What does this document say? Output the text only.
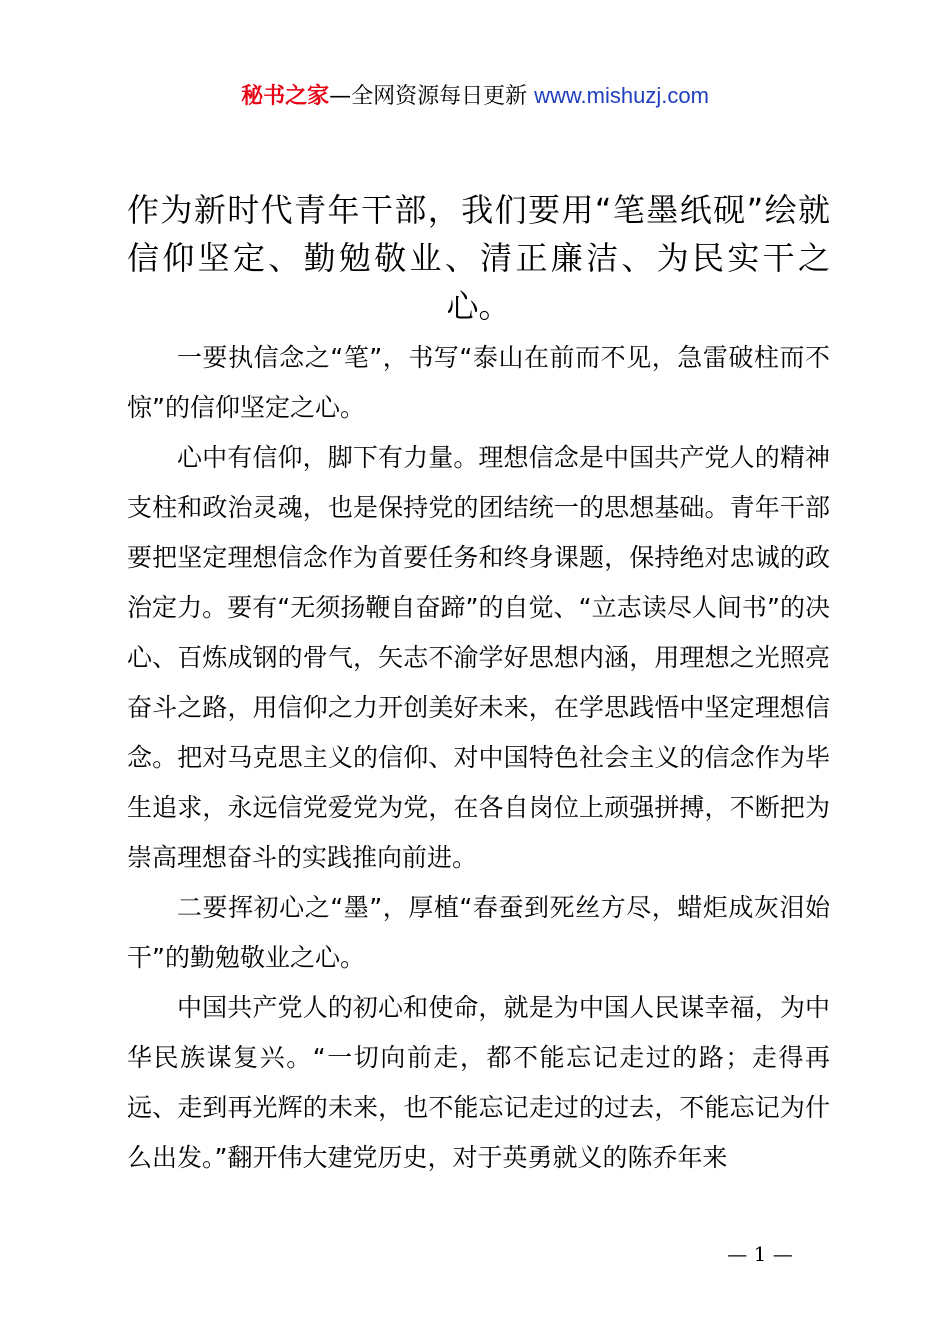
秘书之家—全网资源每日更新 www.mishuzj.com
作为新时代青年干部，我们要用“笔墨纸砚”绘就信仰坚定、勤勉敬业、清正廉洁、为民实干之心。

一要执信念之“笔”，书写“泰山在前而不见，急雷破柱而不惊”的信仰坚定之心。

心中有信仰，脚下有力量。理想信念是中国共产党人的精神支柱和政治灵魂，也是保持党的团结统一的思想基础。青年干部要把坚定理想信念作为首要任务和终身课题，保持绝对忠诚的政治定力。要有“无须扬鞭自奋蹄”的自觉、“立志读尽人间书”的决心、百炼成钢的骨气，矢志不渝学好思想内涵，用理想之光照亮奋斗之路，用信仰之力开创美好未来，在学思践悟中坚定理想信念。把对马克思主义的信仰、对中国特色社会主义的信念作为毕生追求，永远信党爱党为党，在各自岗位上顽强拼搏，不断把为崇高理想奋斗的实践推向前进。

二要挥初心之“墨”，厚植“春蚕到死丝方尽，蜡炬成灰泪始干”的勤勉敬业之心。

中国共产党人的初心和使命，就是为中国人民谋幸福，为中华民族谋复兴。“一切向前走，都不能忘记走过的路；走得再远、走到再光辉的未来，也不能忘记走过的过去，不能忘记为什么出发。”翻开伟大建党历史，对于英勇就义的陈乔年来

— 1 —
